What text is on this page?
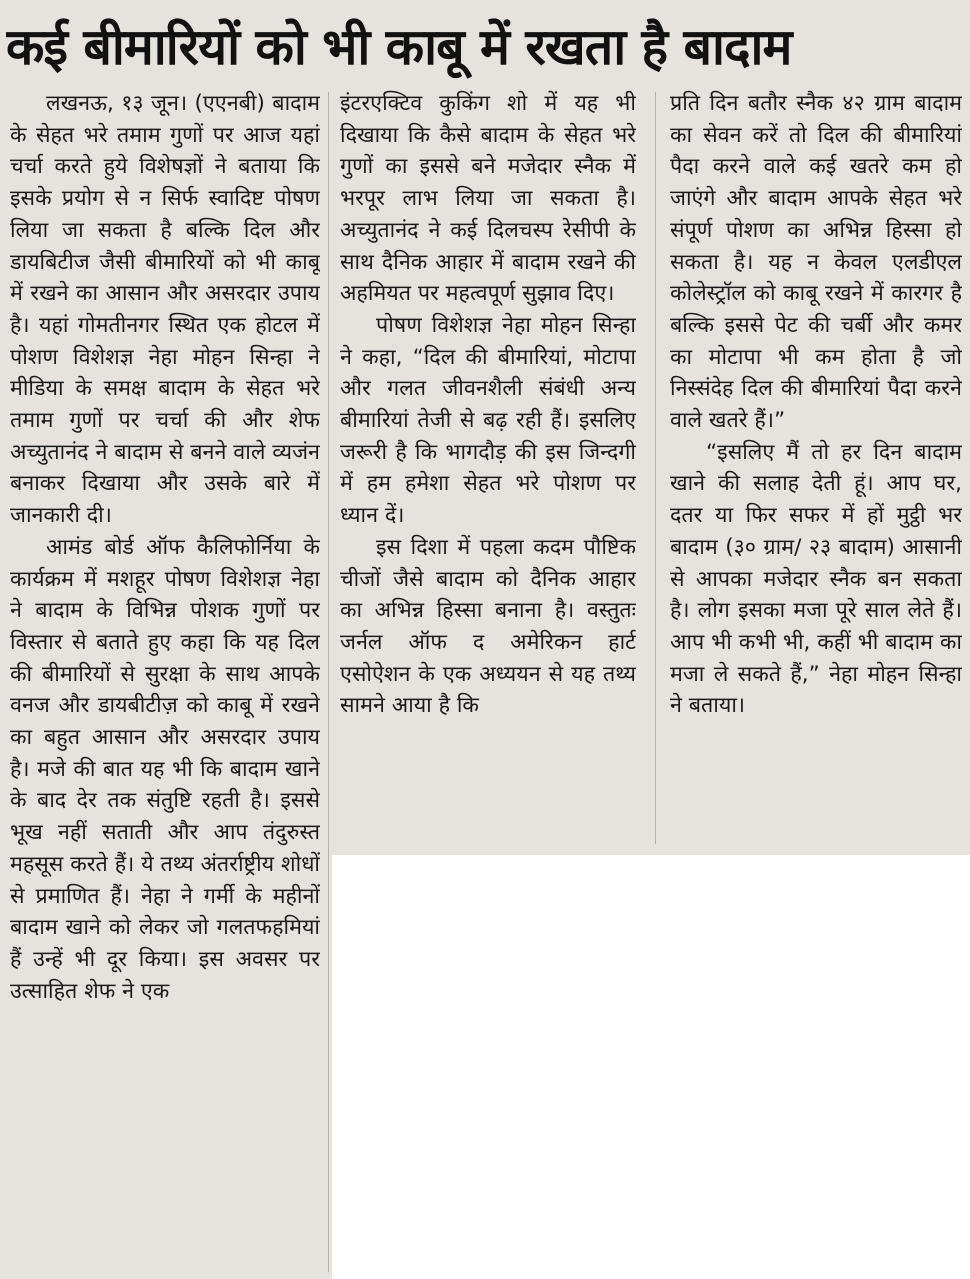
कई बीमारियों को भी काबू में रखता है बादाम

लखनऊ, १३ जून। (एएनबी) बादाम के सेहत भरे तमाम गुणों पर आज यहां चर्चा करते हुये विशेषज्ञों ने बताया कि इसके प्रयोग से न सिर्फ स्वादिष्ट पोषण लिया जा सकता है बल्कि दिल और डायबिटीज जैसी बीमारियों को भी काबू में रखने का आसान और असरदार उपाय है। यहां गोमतीनगर स्थित एक होटल में पोशण विशेशज्ञ नेहा मोहन सिन्हा ने मीडिया के समक्ष बादाम के सेहत भरे तमाम गुणों पर चर्चा की और शेफ अच्युतानंद ने बादाम से बनने वाले व्यजंन बनाकर दिखाया और उसके बारे में जानकारी दी।

आमंड बोर्ड ऑफ कैलिफोर्निया के कार्यक्रम में मशहूर पोषण विशेशज्ञ नेहा ने बादाम के विभिन्न पोशक गुणों पर विस्तार से बताते हुए कहा कि यह दिल की बीमारियों से सुरक्षा के साथ आपके वनज और डायबीटीज़ को काबू में रखने का बहुत आसान और असरदार उपाय है। मजे की बात यह भी कि बादाम खाने के बाद देर तक संतुष्टि रहती है। इससे भूख नहीं सताती और आप तंदुरुस्त महसूस करते हैं। ये तथ्य अंतर्राष्ट्रीय शोधों से प्रमाणित हैं। नेहा ने गर्मी के महीनों बादाम खाने को लेकर जो गलतफहमियां हैं उन्हें भी दूर किया। इस अवसर पर उत्साहित शेफ ने एक

इंटरएक्टिव कुकिंग शो में यह भी दिखाया कि कैसे बादाम के सेहत भरे गुणों का इससे बने मजेदार स्नैक में भरपूर लाभ लिया जा सकता है। अच्युतानंद ने कई दिलचस्प रेसीपी के साथ दैनिक आहार में बादाम रखने की अहमियत पर महत्वपूर्ण सुझाव दिए।

पोषण विशेशज्ञ नेहा मोहन सिन्हा ने कहा, “दिल की बीमारियां, मोटापा और गलत जीवनशैली संबंधी अन्य बीमारियां तेजी से बढ़ रही हैं। इसलिए जरूरी है कि भागदौड़ की इस जिन्दगी में हम हमेशा सेहत भरे पोशण पर ध्यान दें।

इस दिशा में पहला कदम पौष्टिक चीजों जैसे बादाम को दैनिक आहार का अभिन्न हिस्सा बनाना है। वस्तुतः जर्नल ऑफ द अमेरिकन हार्ट एसोऐशन के एक अध्ययन से यह तथ्य सामने आया है कि

प्रति दिन बतौर स्नैक ४२ ग्राम बादाम का सेवन करें तो दिल की बीमारियां पैदा करने वाले कई खतरे कम हो जाएंगे और बादाम आपके सेहत भरे संपूर्ण पोशण का अभिन्न हिस्सा हो सकता है। यह न केवल एलडीएल कोलेस्ट्रॉल को काबू रखने में कारगर है बल्कि इससे पेट की चर्बी और कमर का मोटापा भी कम होता है जो निस्संदेह दिल की बीमारियां पैदा करने वाले खतरे हैं।”

“इसलिए मैं तो हर दिन बादाम खाने की सलाह देती हूं। आप घर, दतर या फिर सफर में हों मुट्ठी भर बादाम (३० ग्राम/ २३ बादाम) आसानी से आपका मजेदार स्नैक बन सकता है। लोग इसका मजा पूरे साल लेते हैं। आप भी कभी भी, कहीं भी बादाम का मजा ले सकते हैं,” नेहा मोहन सिन्हा ने बताया।
